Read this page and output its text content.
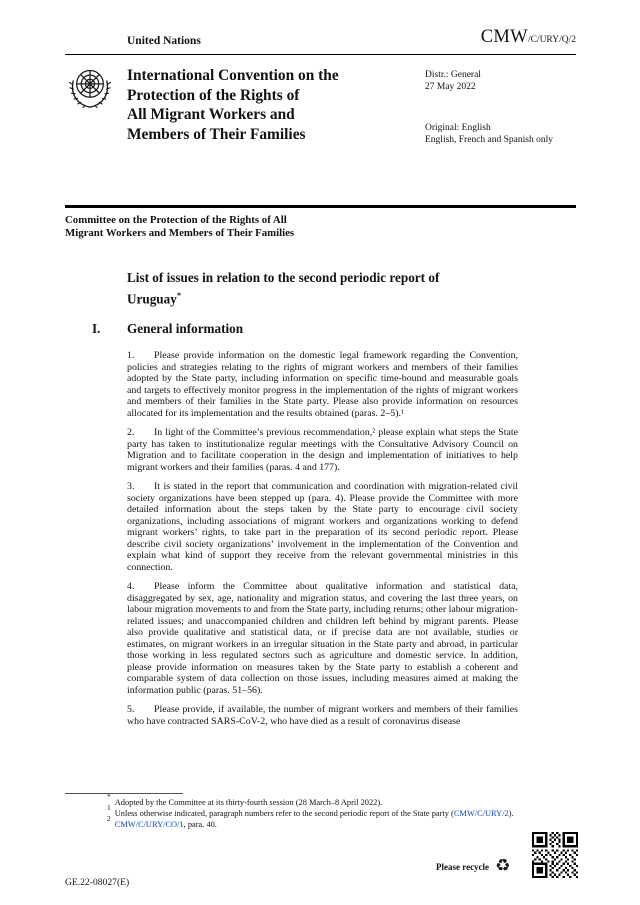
United Nations	CMW/C/URY/Q/2
International Convention on the
Protection of the Rights of
All Migrant Workers and
Members of Their Families
Distr.: General
27 May 2022
Original: English
English, French and Spanish only
Committee on the Protection of the Rights of All
Migrant Workers and Members of Their Families
List of issues in relation to the second periodic report of
Uruguay*
I. General information

1. Please provide information on the domestic legal framework regarding the Convention, policies and strategies relating to the rights of migrant workers and members of their families adopted by the State party, including information on specific time-bound and measurable goals and targets to effectively monitor progress in the implementation of the rights of migrant workers and members of their families in the State party. Please also provide information on resources allocated for its implementation and the results obtained (paras. 2–5).¹

2. In light of the Committee’s previous recommendation,² please explain what steps the State party has taken to institutionalize regular meetings with the Consultative Advisory Council on Migration and to facilitate cooperation in the design and implementation of initiatives to help migrant workers and their families (paras. 4 and 177).

3. It is stated in the report that communication and coordination with migration-related civil society organizations have been stepped up (para. 4). Please provide the Committee with more detailed information about the steps taken by the State party to encourage civil society organizations, including associations of migrant workers and organizations working to defend migrant workers’ rights, to take part in the preparation of its second periodic report. Please describe civil society organizations’ involvement in the implementation of the Convention and explain what kind of support they receive from the relevant governmental ministries in this connection.

4. Please inform the Committee about qualitative information and statistical data, disaggregated by sex, age, nationality and migration status, and covering the last three years, on labour migration movements to and from the State party, including returns; other labour migration-related issues; and unaccompanied children and children left behind by migrant parents. Please also provide qualitative and statistical data, or if precise data are not available, studies or estimates, on migrant workers in an irregular situation in the State party and abroad, in particular those working in less regulated sectors such as agriculture and domestic service. In addition, please provide information on measures taken by the State party to establish a coherent and comparable system of data collection on those issues, including measures aimed at making the information public (paras. 51–56).

5. Please provide, if available, the number of migrant workers and members of their families who have contracted SARS-CoV-2, who have died as a result of coronavirus disease

*Adopted by the Committee at its thirty-fourth session (28 March–8 April 2022).
$^1$Unless otherwise indicated, paragraph numbers refer to the second periodic report of the State party (CMW/C/URY/2).
$^2$CMW/C/URY/CO/1, para. 40.
GE.22-08027(E)
Please recycle ♻
